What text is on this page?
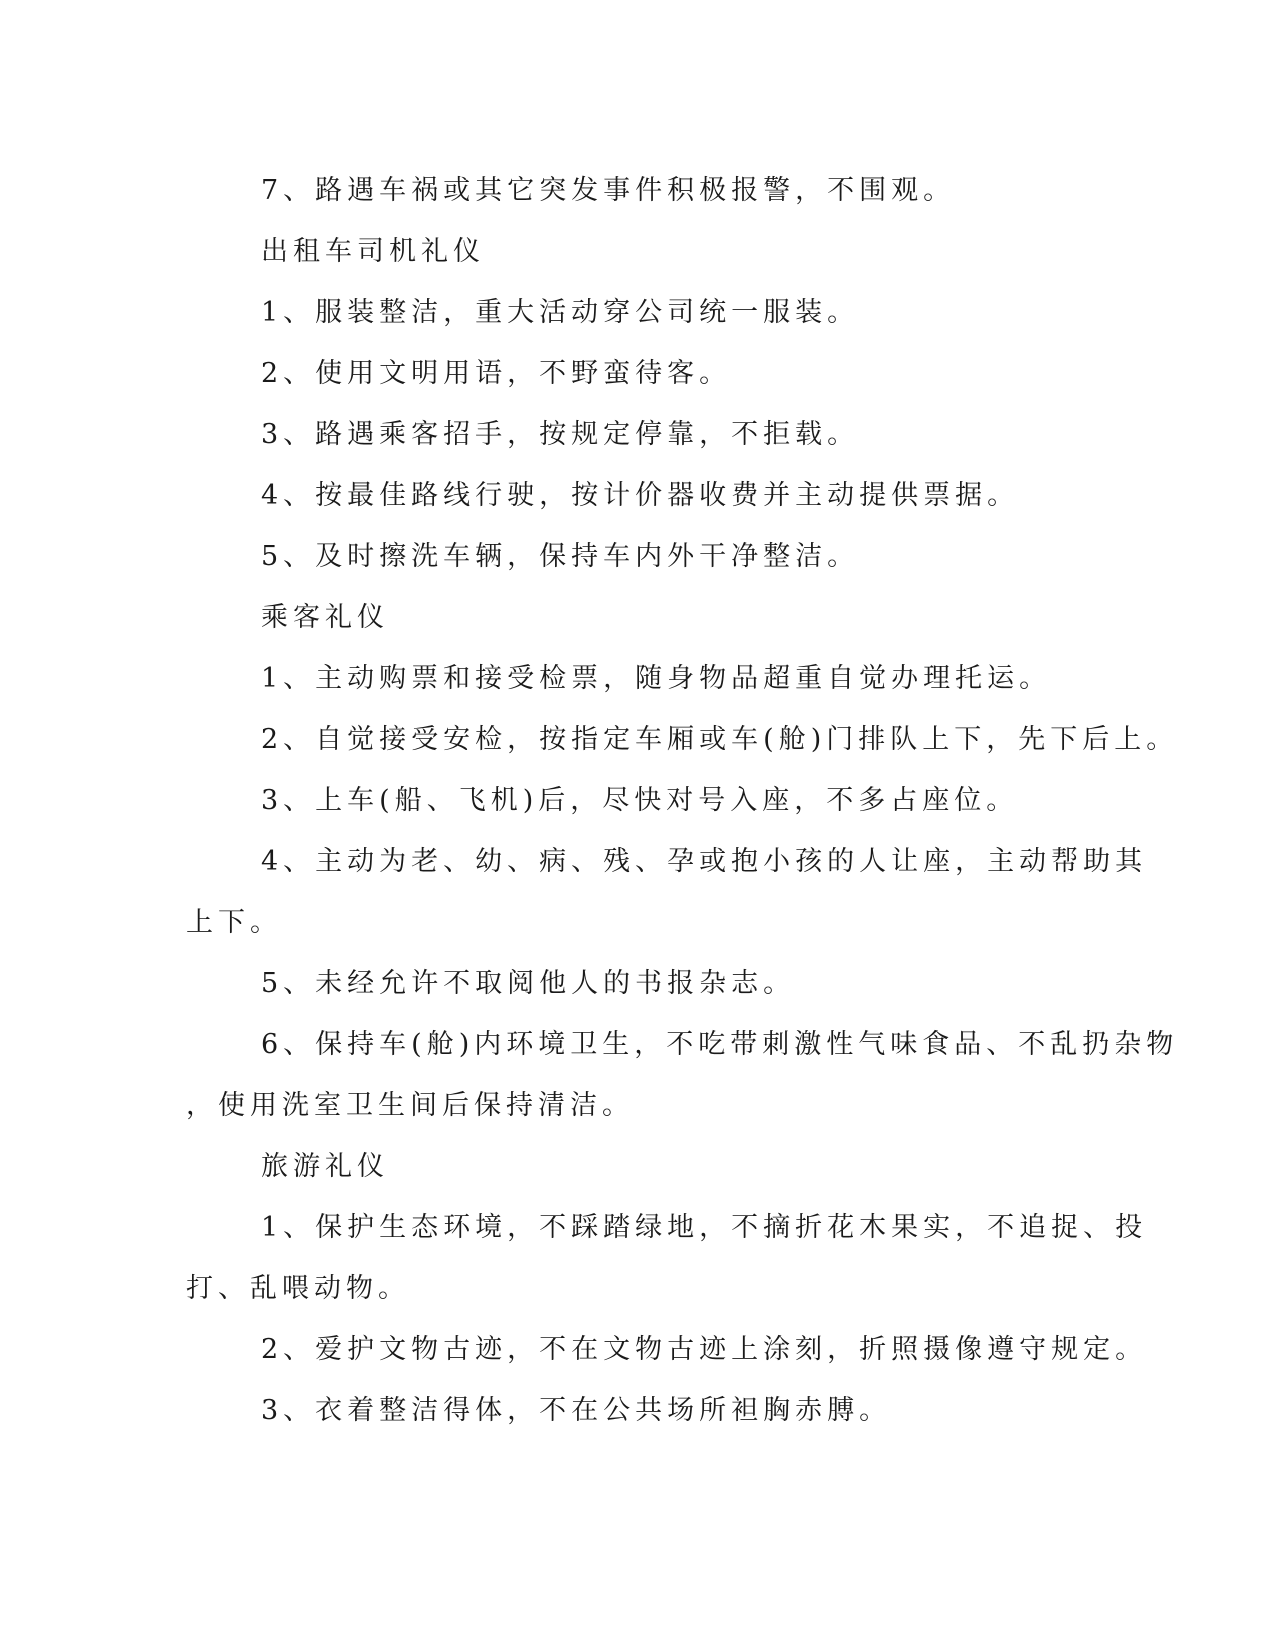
7、路遇车祸或其它突发事件积极报警，不围观。
出租车司机礼仪
1、服装整洁，重大活动穿公司统一服装。
2、使用文明用语，不野蛮待客。
3、路遇乘客招手，按规定停靠，不拒载。
4、按最佳路线行驶，按计价器收费并主动提供票据。
5、及时擦洗车辆，保持车内外干净整洁。
乘客礼仪
1、主动购票和接受检票，随身物品超重自觉办理托运。
2、自觉接受安检，按指定车厢或车(舱)门排队上下，先下后上。
3、上车(船、飞机)后，尽快对号入座，不多占座位。
4、主动为老、幼、病、残、孕或抱小孩的人让座，主动帮助其
上下。
5、未经允许不取阅他人的书报杂志。
6、保持车(舱)内环境卫生，不吃带刺激性气味食品、不乱扔杂物
，使用洗室卫生间后保持清洁。
旅游礼仪
1、保护生态环境，不踩踏绿地，不摘折花木果实，不追捉、投
打、乱喂动物。
2、爱护文物古迹，不在文物古迹上涂刻，折照摄像遵守规定。
3、衣着整洁得体，不在公共场所袒胸赤膊。
